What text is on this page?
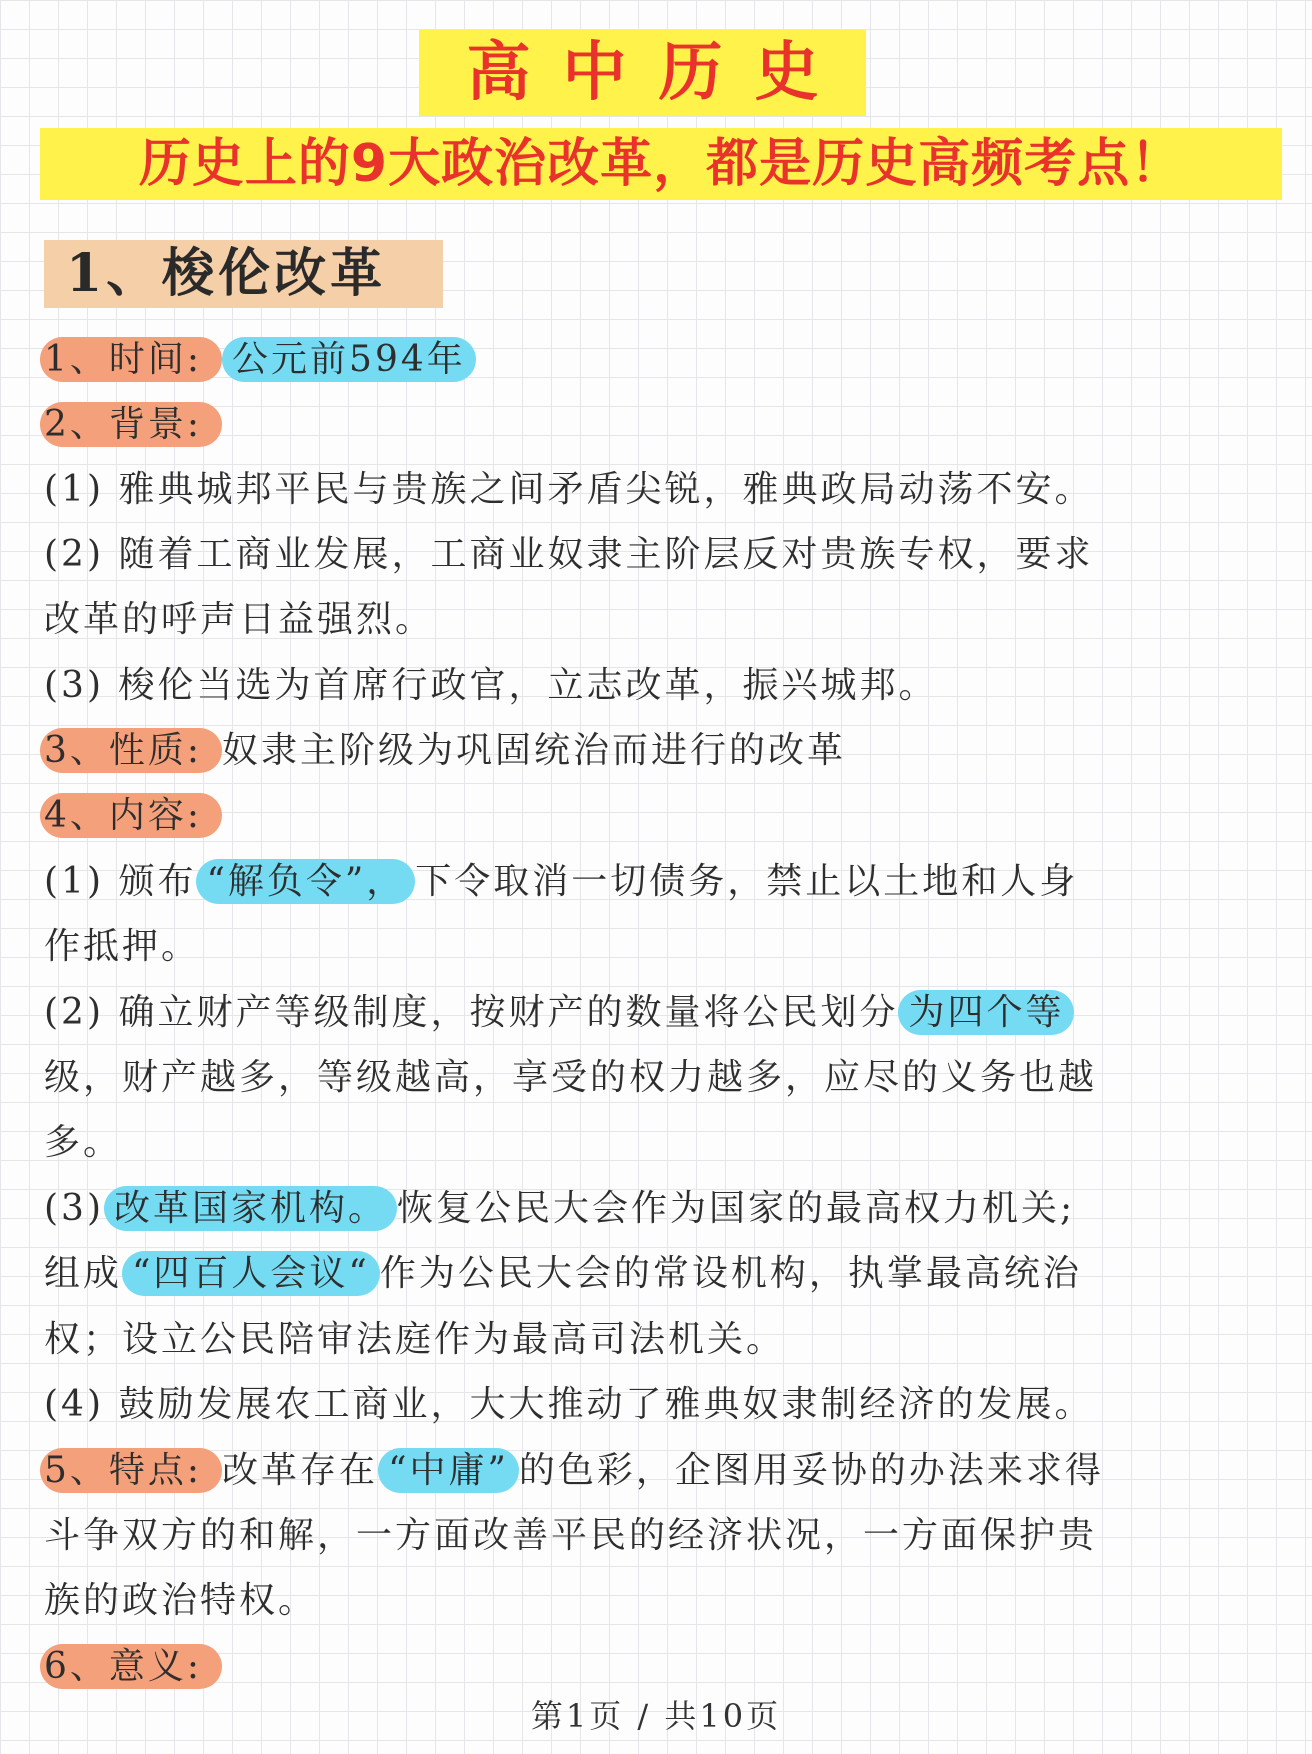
高中历史
历史上的9大政治改革，都是历史高频考点！
1、梭伦改革
1、时间: 公元前594年
2、背景:
(1) 雅典城邦平民与贵族之间矛盾尖锐，雅典政局动荡不安。
(2) 随着工商业发展，工商业奴隶主阶层反对贵族专权，要求
改革的呼声日益强烈。
(3) 梭伦当选为首席行政官，立志改革，振兴城邦。
3、性质: 奴隶主阶级为巩固统治而进行的改革
4、内容:
(1) 颁布 “解负令”， 下令取消一切债务，禁止以土地和人身
作抵押。
(2) 确立财产等级制度，按财产的数量将公民划分 为四个等
级，财产越多，等级越高，享受的权力越多，应尽的义务也越
多。
(3) 改革国家机构。 恢复公民大会作为国家的最高权力机关;
组成 “四百人会议“ 作为公民大会的常设机构，执掌最高统治
权；设立公民陪审法庭作为最高司法机关。
(4) 鼓励发展农工商业，大大推动了雅典奴隶制经济的发展。
5、特点: 改革存在 “中庸” 的色彩，企图用妥协的办法来求得
斗争双方的和解，一方面改善平民的经济状况，一方面保护贵
族的政治特权。
6、意义:
第1页 / 共10页
